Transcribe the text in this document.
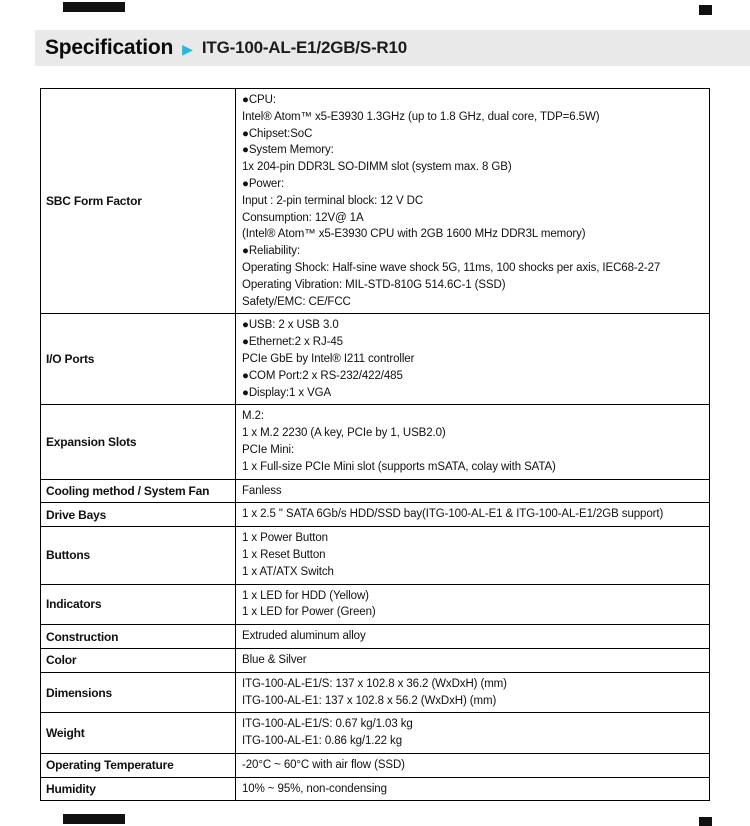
Specification ▶ ITG-100-AL-E1/2GB/S-R10
SBC Form Factor	
●CPU:
Intel® Atom™ x5-E3930 1.3GHz (up to 1.8 GHz, dual core, TDP=6.5W)
●Chipset:SoC
●System Memory:
1x 204-pin DDR3L SO-DIMM slot (system max. 8 GB)
●Power:
Input : 2-pin terminal block: 12 V DC
Consumption: 12V@ 1A
(Intel® Atom™ x5-E3930 CPU with 2GB 1600 MHz DDR3L memory)
●Reliability:
Operating Shock: Half-sine wave shock 5G, 11ms, 100 shocks per axis, IEC68-2-27
Operating Vibration: MIL-STD-810G 514.6C-1 (SSD)
Safety/EMC: CE/FCC

I/O Ports	●USB: 2 x USB 3.0
●Ethernet:2 x RJ-45
PCIe GbE by Intel® I211 controller
●COM Port:2 x RS-232/422/485
●Display:1 x VGA

Expansion Slots	M.2:
1 x M.2 2230 (A key, PCIe by 1, USB2.0)
PCIe Mini:
1 x Full-size PCIe Mini slot (supports mSATA, colay with SATA)

Cooling method / System Fan	Fanless

Drive Bays	1 x 2.5 " SATA 6Gb/s HDD/SSD bay(ITG-100-AL-E1 & ITG-100-AL-E1/2GB support)

Buttons	1 x Power Button
1 x Reset Button
1 x AT/ATX Switch

Indicators	1 x LED for HDD (Yellow)
1 x LED for Power (Green)

Construction	Extruded aluminum alloy

Color	Blue & Silver

Dimensions	ITG-100-AL-E1/S: 137 x 102.8 x 36.2 (WxDxH) (mm)
ITG-100-AL-E1: 137 x 102.8 x 56.2 (WxDxH) (mm)

Weight	ITG-100-AL-E1/S: 0.67 kg/1.03 kg
ITG-100-AL-E1: 0.86 kg/1.22 kg

Operating Temperature	-20°C ~ 60°C with air flow (SSD)

Humidity	10% ~ 95%, non-condensing
